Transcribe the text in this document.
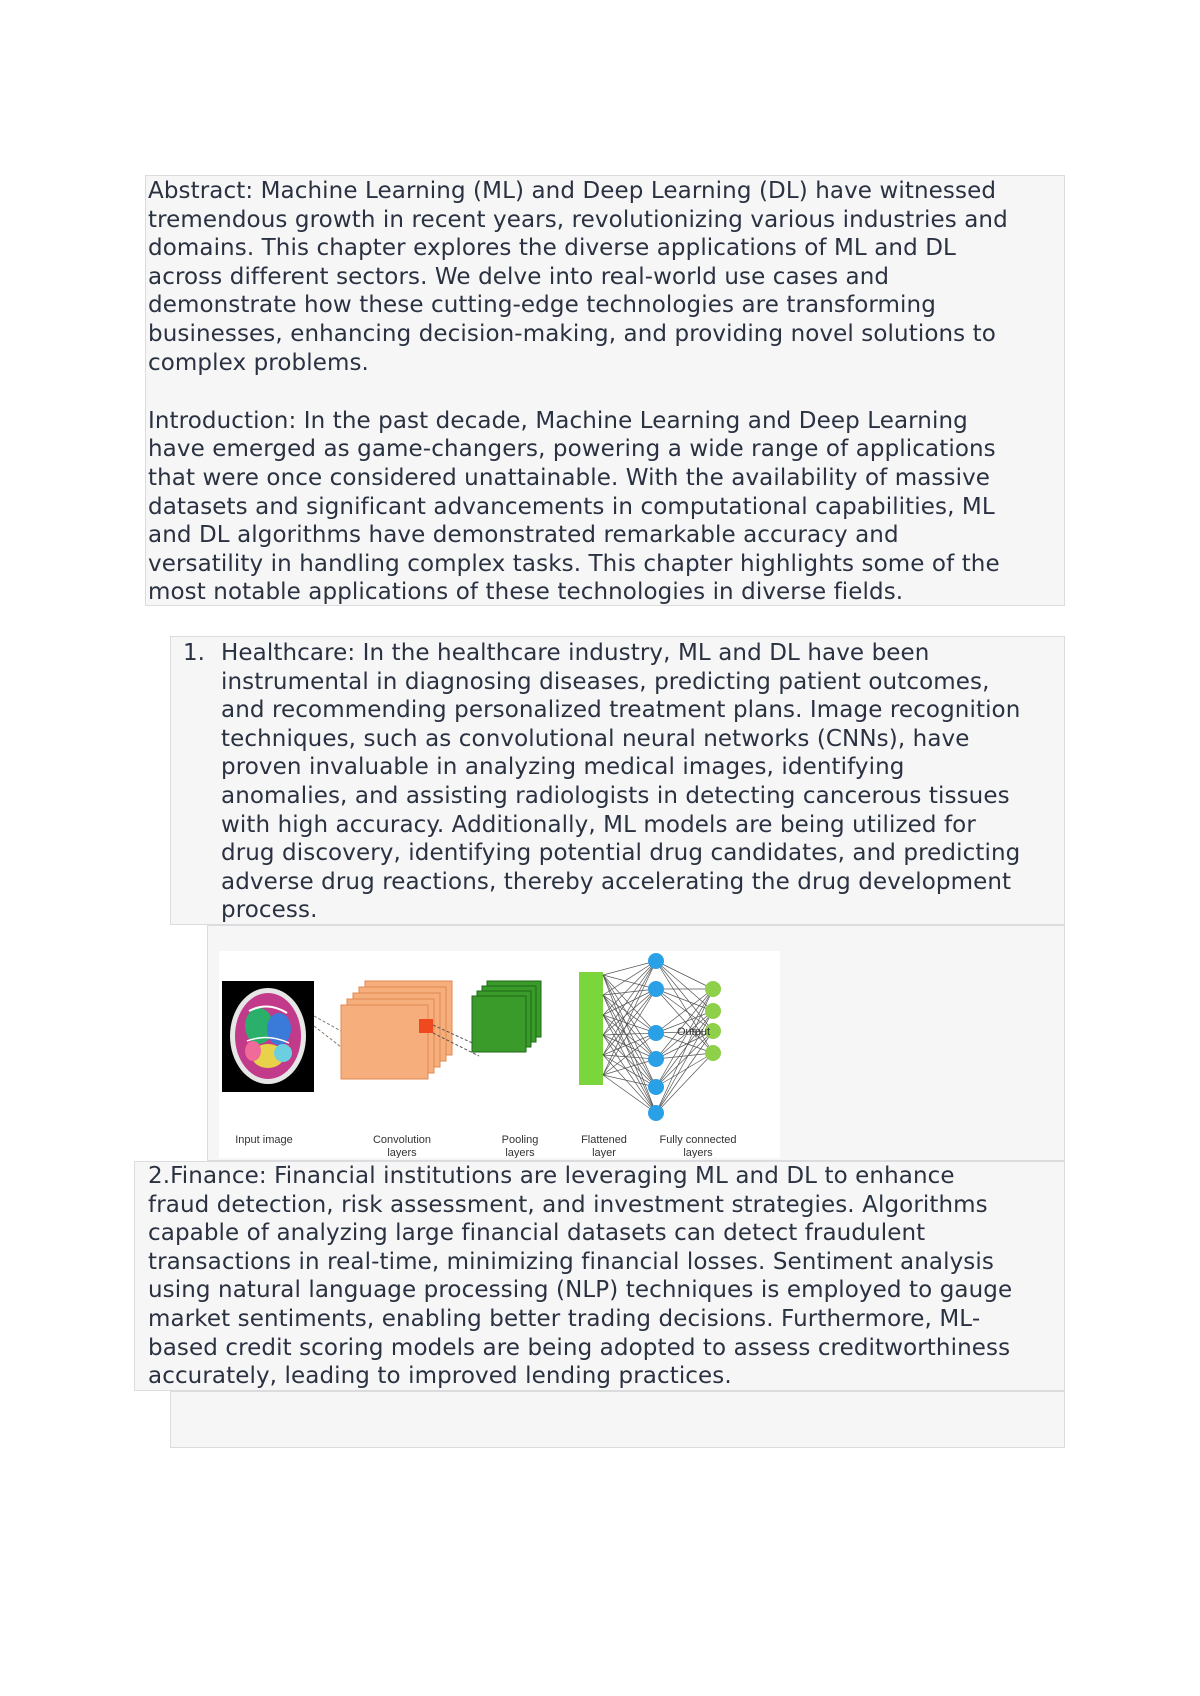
Abstract: Machine Learning (ML) and Deep Learning (DL) have witnessed
tremendous growth in recent years, revolutionizing various industries and
domains. This chapter explores the diverse applications of ML and DL
across different sectors. We delve into real-world use cases and
demonstrate how these cutting-edge technologies are transforming
businesses, enhancing decision-making, and providing novel solutions to
complex problems.

Introduction: In the past decade, Machine Learning and Deep Learning
have emerged as game-changers, powering a wide range of applications
that were once considered unattainable. With the availability of massive
datasets and significant advancements in computational capabilities, ML
and DL algorithms have demonstrated remarkable accuracy and
versatility in handling complex tasks. This chapter highlights some of the
most notable applications of these technologies in diverse fields.

1. Healthcare: In the healthcare industry, ML and DL have been
instrumental in diagnosing diseases, predicting patient outcomes,
and recommending personalized treatment plans. Image recognition
techniques, such as convolutional neural networks (CNNs), have
proven invaluable in analyzing medical images, identifying
anomalies, and assisting radiologists in detecting cancerous tissues
with high accuracy. Additionally, ML models are being utilized for
drug discovery, identifying potential drug candidates, and predicting
adverse drug reactions, thereby accelerating the drug development
process.

Output
Input image	Convolution
layers
Pooling
layers
Flattened
layer
Fully connected
layers

2.Finance: Financial institutions are leveraging ML and DL to enhance
fraud detection, risk assessment, and investment strategies. Algorithms
capable of analyzing large financial datasets can detect fraudulent
transactions in real-time, minimizing financial losses. Sentiment analysis
using natural language processing (NLP) techniques is employed to gauge
market sentiments, enabling better trading decisions. Furthermore, ML-
based credit scoring models are being adopted to assess creditworthiness
accurately, leading to improved lending practices.
